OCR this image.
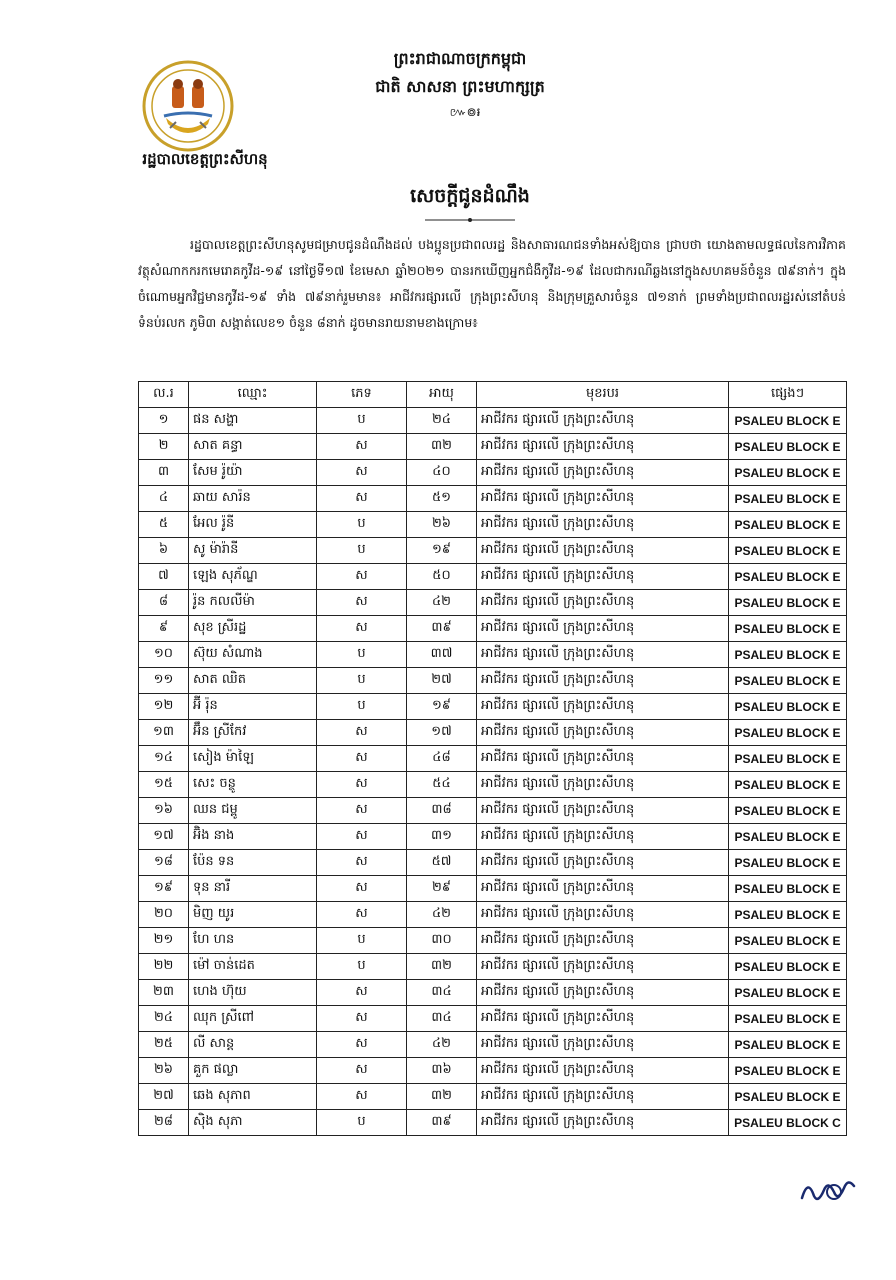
រដ្ឋបាលខេត្តព្រះសីហនុ
ព្រះរាជាណាចក្រកម្ពុជា
ជាតិ សាសនា ព្រះមហាក្សត្រ
៚៙៛
សេចក្តីជូនដំណឹង

រដ្ឋបាលខេត្តព្រះសីហនុសូមជម្រាបជូនដំណឹងដល់ បងប្អូនប្រជាពលរដ្ឋ និងសាធារណជនទាំងអស់ឱ្យបាន ជ្រាបថា យោងតាមលទ្ធផលនៃការវិភាគវត្ថុសំណាកករកមេរោគកូវីដ-១៩ នៅថ្ងៃទី១៧ ខែមេសា ឆ្នាំ២០២១ បានរកឃើញអ្នកជំងឺកូវីដ-១៩ ដែលជាករណីឆ្លងនៅក្នុងសហគមន៍ចំនួន ៧៩នាក់។ ក្នុងចំណោមអ្នកវិជ្ជមានកូវីដ-១៩ ទាំង ៧៩នាក់រួមមាន៖ អាជីវករផ្សារលើ ក្រុងព្រះសីហនុ និងក្រុមគ្រួសារចំនួន ៧១នាក់ ព្រមទាំងប្រជាពលរដ្ឋរស់នៅតំបន់ទំនប់រលក ភូមិ៣ សង្កាត់លេខ១ ចំនួន ៨នាក់ ដូចមានរាយនាមខាងក្រោម៖

ល.រ	ឈ្មោះ	ភេទ	អាយុ	មុខរបរ	ផ្សេងៗ
១	ផន សង្ហា	ប	២៤	អាជីវករ ផ្សារលើ ក្រុងព្រះសីហនុ	PSALEU BLOCK E
២	សាត គន្ធា	ស	៣២	អាជីវករ ផ្សារលើ ក្រុងព្រះសីហនុ	PSALEU BLOCK E
៣	សែម រ៉ូយ៉ា	ស	៤០	អាជីវករ ផ្សារលើ ក្រុងព្រះសីហនុ	PSALEU BLOCK E
៤	ឆាយ សារ៉ន	ស	៥១	អាជីវករ ផ្សារលើ ក្រុងព្រះសីហនុ	PSALEU BLOCK E
៥	អែល រ៉ូនី	ប	២៦	អាជីវករ ផ្សារលើ ក្រុងព្រះសីហនុ	PSALEU BLOCK E
៦	សូ ម៉ារ៉ានី	ប	១៩	អាជីវករ ផ្សារលើ ក្រុងព្រះសីហនុ	PSALEU BLOCK E
៧	ឡេង សុភ័ណ្ឌ	ស	៥០	អាជីវករ ផ្សារលើ ក្រុងព្រះសីហនុ	PSALEU BLOCK E
៨	រ៉ូន កលលីម៉ា	ស	៤២	អាជីវករ ផ្សារលើ ក្រុងព្រះសីហនុ	PSALEU BLOCK E
៩	សុខ ស្រីរដ្ឋ	ស	៣៩	អាជីវករ ផ្សារលើ ក្រុងព្រះសីហនុ	PSALEU BLOCK E
១០	ស៊ុយ សំណាង	ប	៣៧	អាជីវករ ផ្សារលើ ក្រុងព្រះសីហនុ	PSALEU BLOCK E
១១	សាត ឈិត	ប	២៧	អាជីវករ ផ្សារលើ ក្រុងព្រះសីហនុ	PSALEU BLOCK E
១២	អ៊ី រ៉ុន	ប	១៩	អាជីវករ ផ្សារលើ ក្រុងព្រះសីហនុ	PSALEU BLOCK E
១៣	អ៊ឹន ស្រីកែវ	ស	១៧	អាជីវករ ផ្សារលើ ក្រុងព្រះសីហនុ	PSALEU BLOCK E
១៤	សៀង ម៉ាឡៃ	ស	៤៨	អាជីវករ ផ្សារលើ ក្រុងព្រះសីហនុ	PSALEU BLOCK E
១៥	សេះ ចន្ថូ	ស	៥៤	អាជីវករ ផ្សារលើ ក្រុងព្រះសីហនុ	PSALEU BLOCK E
១៦	ឈន ជម្ពូ	ស	៣៨	អាជីវករ ផ្សារលើ ក្រុងព្រះសីហនុ	PSALEU BLOCK E
១៧	អ៊ិង នាង	ស	៣១	អាជីវករ ផ្សារលើ ក្រុងព្រះសីហនុ	PSALEU BLOCK E
១៨	ប៉ែន ទន	ស	៥៧	អាជីវករ ផ្សារលើ ក្រុងព្រះសីហនុ	PSALEU BLOCK E
១៩	ទុន នារី	ស	២៩	អាជីវករ ផ្សារលើ ក្រុងព្រះសីហនុ	PSALEU BLOCK E
២០	មិញ យូរ	ស	៤២	អាជីវករ ផ្សារលើ ក្រុងព្រះសីហនុ	PSALEU BLOCK E
២១	ហែ ហន	ប	៣០	អាជីវករ ផ្សារលើ ក្រុងព្រះសីហនុ	PSALEU BLOCK E
២២	ម៉ៅ ចាន់ដេត	ប	៣២	អាជីវករ ផ្សារលើ ក្រុងព្រះសីហនុ	PSALEU BLOCK E
២៣	ហេង ហ៊ុយ	ស	៣៤	អាជីវករ ផ្សារលើ ក្រុងព្រះសីហនុ	PSALEU BLOCK E
២៤	ឈុក ស្រីពៅ	ស	៣៤	អាជីវករ ផ្សារលើ ក្រុងព្រះសីហនុ	PSALEU BLOCK E
២៥	លី សាន្ត	ស	៤២	អាជីវករ ផ្សារលើ ក្រុងព្រះសីហនុ	PSALEU BLOCK E
២៦	គួក ផល្លា	ស	៣៦	អាជីវករ ផ្សារលើ ក្រុងព្រះសីហនុ	PSALEU BLOCK E
២៧	ឆេង សុភាព	ស	៣២	អាជីវករ ផ្សារលើ ក្រុងព្រះសីហនុ	PSALEU BLOCK E
២៨	ស៊ិង សុភា	ប	៣៩	អាជីវករ ផ្សារលើ ក្រុងព្រះសីហនុ	PSALEU BLOCK C
